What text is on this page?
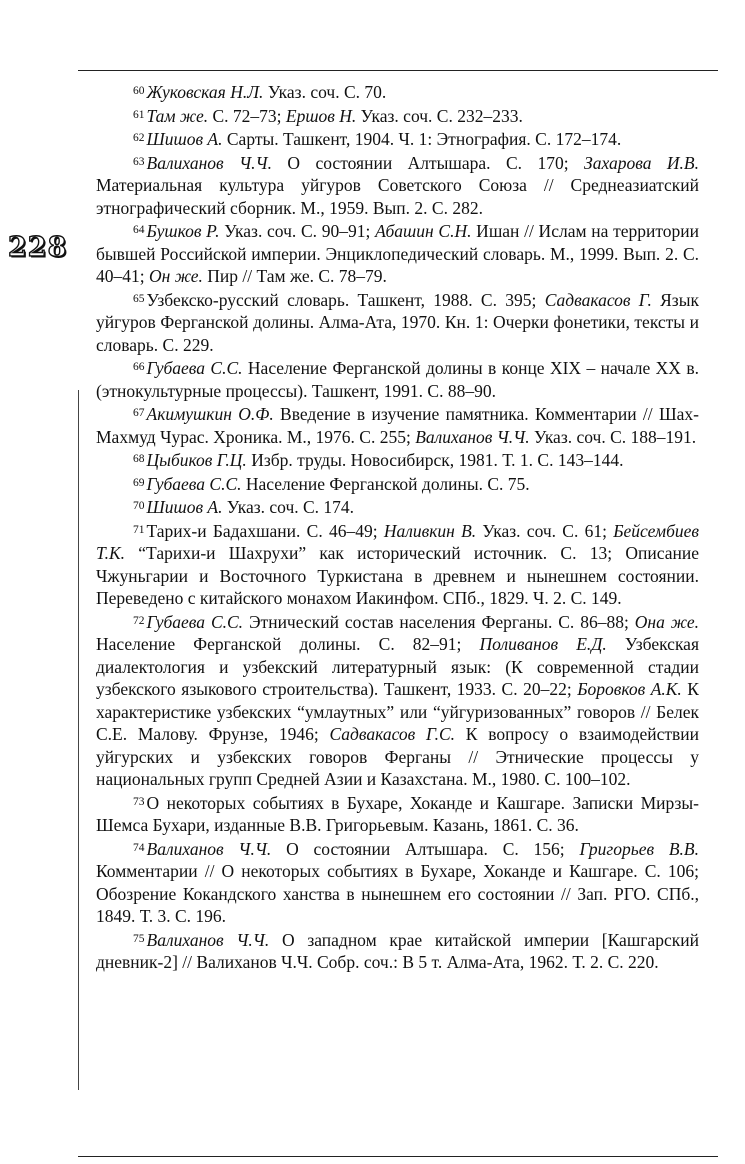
228

$^{60}$ Жуковская Н.Л. Указ. соч. С. 70.

$^{61}$ Там же. С. 72–73; Ершов Н. Указ. соч. С. 232–233.

$^{62}$ Шишов А. Сарты. Ташкент, 1904. Ч. 1: Этнография. С. 172–174.

$^{63}$ Валиханов Ч.Ч. О состоянии Алтышара. С. 170; Захарова И.В. Материальная культура уйгуров Советского Союза // Среднеазиатский этнографический сборник. М., 1959. Вып. 2. С. 282.

$^{64}$ Бушков Р. Указ. соч. С. 90–91; Абашин С.Н. Ишан // Ислам на территории бывшей Российской империи. Энциклопедический словарь. М., 1999. Вып. 2. С. 40–41; Он же. Пир // Там же. С. 78–79.

$^{65}$ Узбекско-русский словарь. Ташкент, 1988. С. 395; Садвакасов Г. Язык уйгуров Ферганской долины. Алма-Ата, 1970. Кн. 1: Очерки фонетики, тексты и словарь. С. 229.

$^{66}$ Губаева С.С. Население Ферганской долины в конце XIX – начале XX в. (этнокультурные процессы). Ташкент, 1991. С. 88–90.

$^{67}$ Акимушкин О.Ф. Введение в изучение памятника. Комментарии // Шах-Махмуд Чурас. Хроника. М., 1976. С. 255; Валиханов Ч.Ч. Указ. соч. С. 188–191.

$^{68}$ Цыбиков Г.Ц. Избр. труды. Новосибирск, 1981. Т. 1. С. 143–144.

$^{69}$ Губаева С.С. Население Ферганской долины. С. 75.

$^{70}$ Шишов А. Указ. соч. С. 174.

$^{71}$ Тарих-и Бадахшани. С. 46–49; Наливкин В. Указ. соч. С. 61; Бейсембиев Т.К. “Тарихи-и Шахрухи” как исторический источник. С. 13; Описание Чжуньгарии и Восточного Туркистана в древнем и нынешнем состоянии. Переведено с китайского монахом Иакинфом. СПб., 1829. Ч. 2. С. 149.

$^{72}$ Губаева С.С. Этнический состав населения Ферганы. С. 86–88; Она же. Население Ферганской долины. С. 82–91; Поливанов Е.Д. Узбекская диалектология и узбекский литературный язык: (К современной стадии узбекского языкового строительства). Ташкент, 1933. С. 20–22; Боровков А.К. К характеристике узбекских “умлаутных” или “уйгуризованных” говоров // Белек С.Е. Малову. Фрунзе, 1946; Садвакасов Г.С. К вопросу о взаимодействии уйгурских и узбекских говоров Ферганы // Этнические процессы у национальных групп Средней Азии и Казахстана. М., 1980. С. 100–102.

$^{73}$ О некоторых событиях в Бухаре, Хоканде и Кашгаре. Записки Мирзы-Шемса Бухари, изданные В.В. Григорьевым. Казань, 1861. С. 36.

$^{74}$ Валиханов Ч.Ч. О состоянии Алтышара. С. 156; Григорьев В.В. Комментарии // О некоторых событиях в Бухаре, Хоканде и Кашгаре. С. 106; Обозрение Кокандского ханства в нынешнем его состоянии // Зап. РГО. СПб., 1849. Т. 3. С. 196.

$^{75}$ Валиханов Ч.Ч. О западном крае китайской империи [Кашгарский дневник-2] // Валиханов Ч.Ч. Собр. соч.: В 5 т. Алма-Ата, 1962. Т. 2. С. 220.
